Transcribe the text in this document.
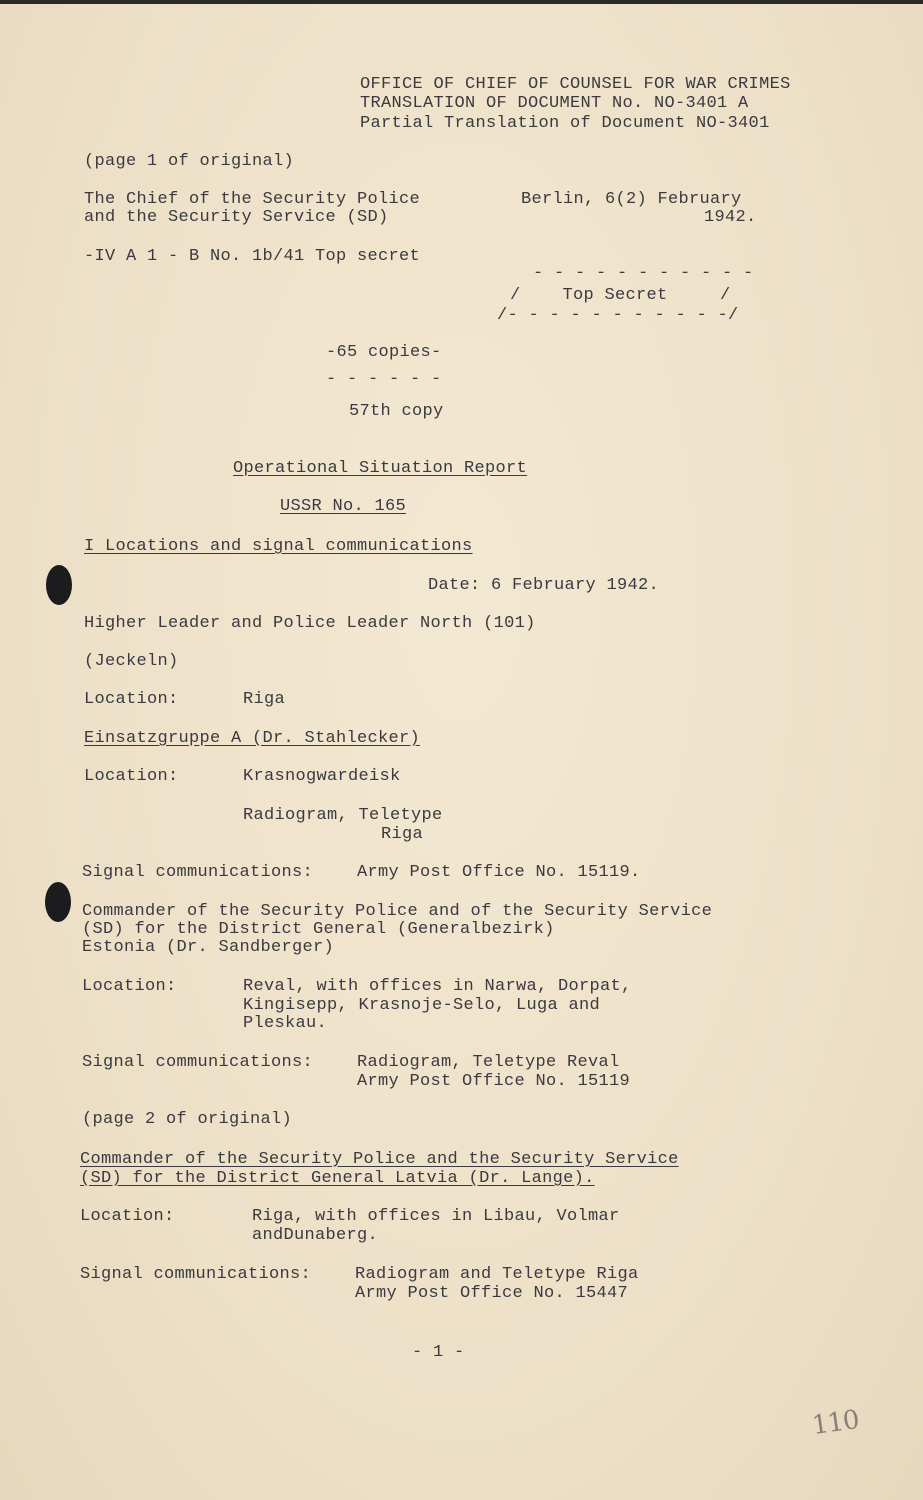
OFFICE OF CHIEF OF COUNSEL FOR WAR CRIMES
TRANSLATION OF DOCUMENT No. NO-3401 A
Partial Translation of Document NO-3401
(page 1 of original)
The Chief of the Security Police
and the Security Service (SD)
Berlin, 6(2) February
1942.
-IV A 1 - B No. 1b/41 Top secret
- - - - - - - - - - -
/    Top Secret     /
/- - - - - - - - - - -/
-65 copies-
- - - - - -
57th copy
Operational Situation Report
USSR No. 165
I Locations and signal communications
Date: 6 February 1942.
Higher Leader and Police Leader North (101)
(Jeckeln)
Location:	Riga
Einsatzgruppe A (Dr. Stahlecker)
Location:	Krasnogwardeisk
Radiogram, Teletype
Riga
Signal communications:	Army Post Office No. 15119.
Commander of the Security Police and of the Security Service
(SD) for the District General (Generalbezirk)
Estonia (Dr. Sandberger)
Location:	Reval, with offices in Narwa, Dorpat,
Kingisepp, Krasnoje-Selo, Luga and
Pleskau.
Signal communications:	Radiogram, Teletype Reval
Army Post Office No. 15119
(page 2 of original)
Commander of the Security Police and the Security Service
(SD) for the District General Latvia (Dr. Lange).
Location:	Riga, with offices in Libau, Volmar
andDunaberg.
Signal communications:	Radiogram and Teletype Riga
Army Post Office No. 15447
- 1 -
110
